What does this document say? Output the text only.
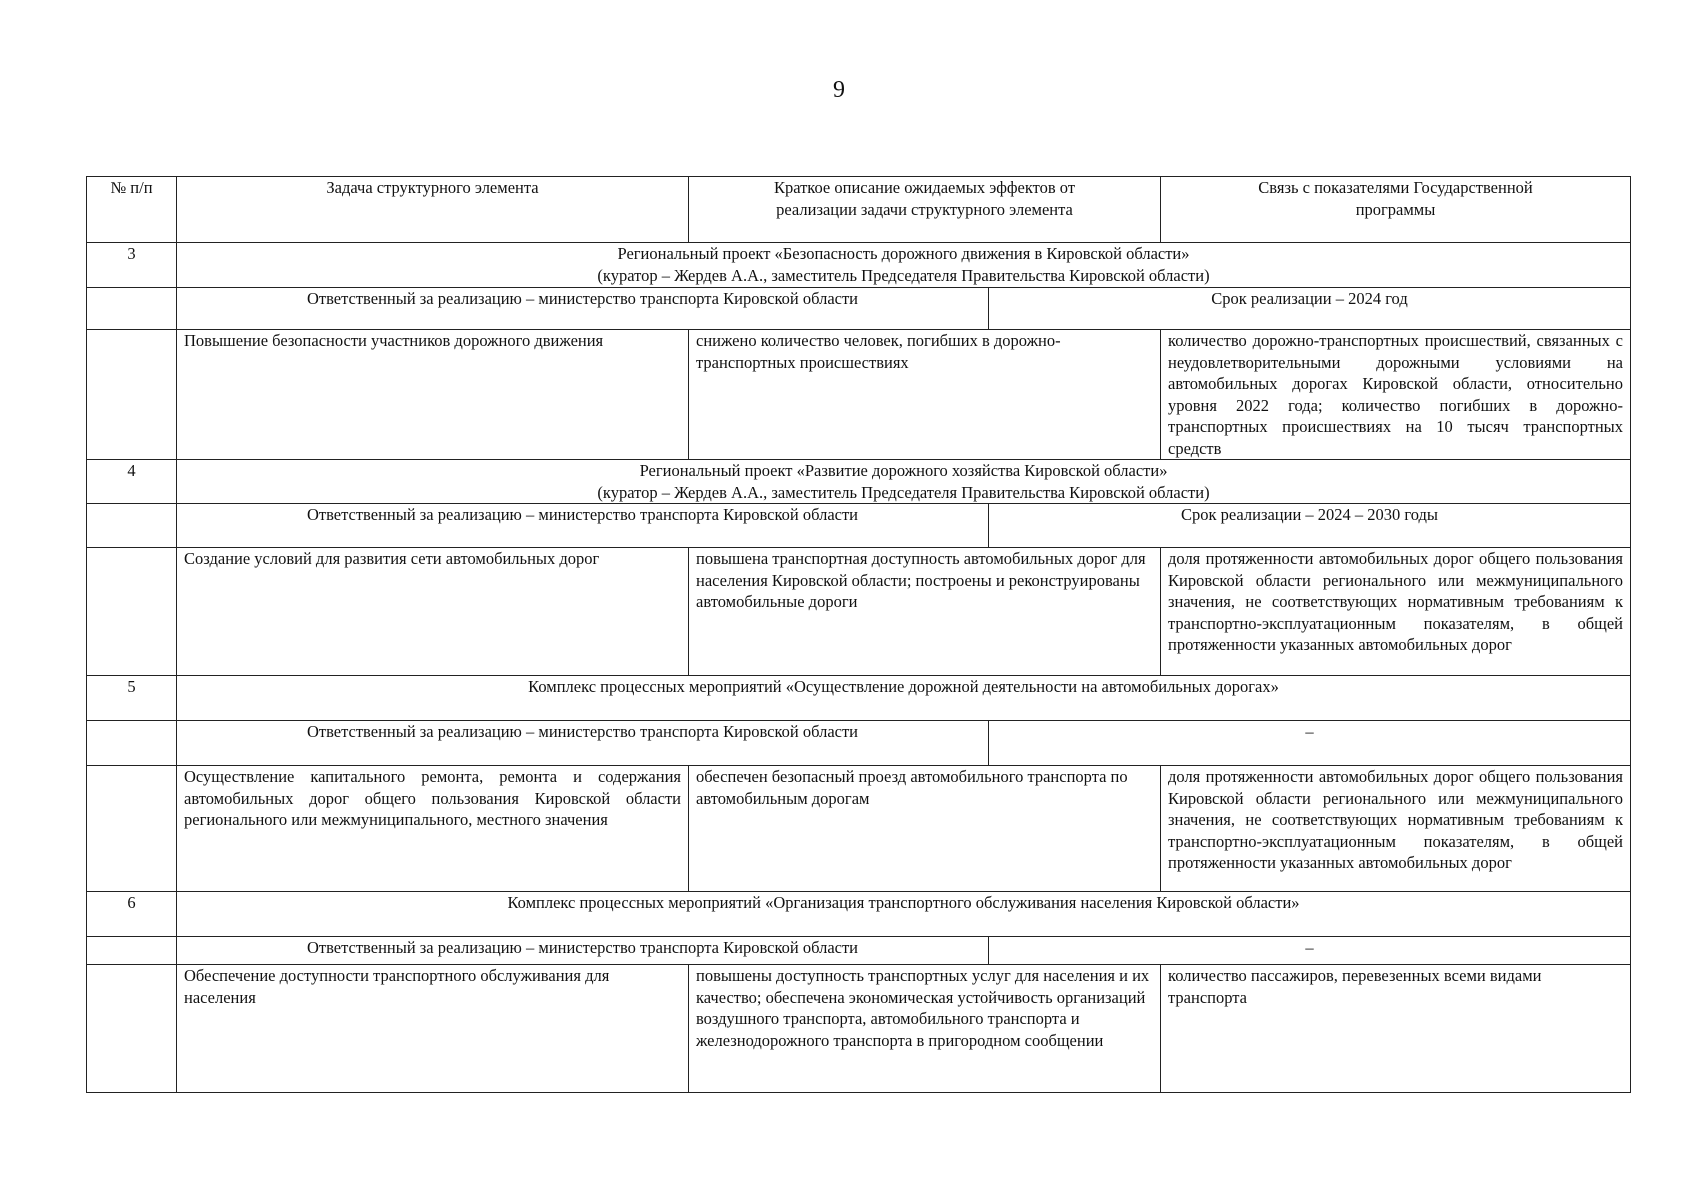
9
№ п/п	Задача структурного элемента	Краткое описание ожидаемых эффектов от реализации задачи структурного элемента		Связь с показателями Государственной программы
3	Региональный проект «Безопасность дорожного движения в Кировской области»
(куратор – Жердев А.А., заместитель Председателя Правительства Кировской области)			

	Ответственный за реализацию – министерство транспорта Кировской области		Срок реализации – 2024 год	
	Повышение безопасности участников дорожного движения	снижено количество человек, погибших в дорожно-транспортных происшествиях		количество дорожно-транспортных происшествий, связанных с неудовлетворительными дорожными условиями на автомобильных дорогах Кировской области, относительно уровня 2022 года; количество погибших в дорожно-транспортных происшествиях на 10 тысяч транспортных средств
4	Региональный проект «Развитие дорожного хозяйства Кировской области»
(куратор – Жердев А.А., заместитель Председателя Правительства Кировской области)			

	Ответственный за реализацию – министерство транспорта Кировской области		Срок реализации – 2024 – 2030 годы	
	Создание условий для развития сети автомобильных дорог	повышена транспортная доступность автомобильных дорог для населения Кировской области; построены и реконструированы автомобильные дороги		доля протяженности автомобильных дорог общего пользования Кировской области регионального или межмуниципального значения, не соответствующих нормативным требованиям к транспортно-эксплуатационным показателям, в общей протяженности указанных автомобильных дорог
5	Комплекс процессных мероприятий «Осуществление дорожной деятельности на автомобильных дорогах»			
	Ответственный за реализацию – министерство транспорта Кировской области		–	
	Осуществление капитального ремонта, ремонта и содержания автомобильных дорог общего пользования Кировской области регионального или межмуниципального, местного значения	обеспечен безопасный проезд автомобильного транспорта по автомобильным дорогам		доля протяженности автомобильных дорог общего пользования Кировской области регионального или межмуниципального значения, не соответствующих нормативным требованиям к транспортно-эксплуатационным показателям, в общей протяженности указанных автомобильных дорог
6	Комплекс процессных мероприятий «Организация транспортного обслуживания населения Кировской области»			
	Ответственный за реализацию – министерство транспорта Кировской области		–	
	Обеспечение доступности транспортного обслуживания для населения	повышены доступность транспортных услуг для населения и их качество; обеспечена экономическая устойчивость организаций воздушного транспорта, автомобильного транспорта и железнодорожного транспорта в пригородном сообщении		количество пассажиров, перевезенных всеми видами транспорта
